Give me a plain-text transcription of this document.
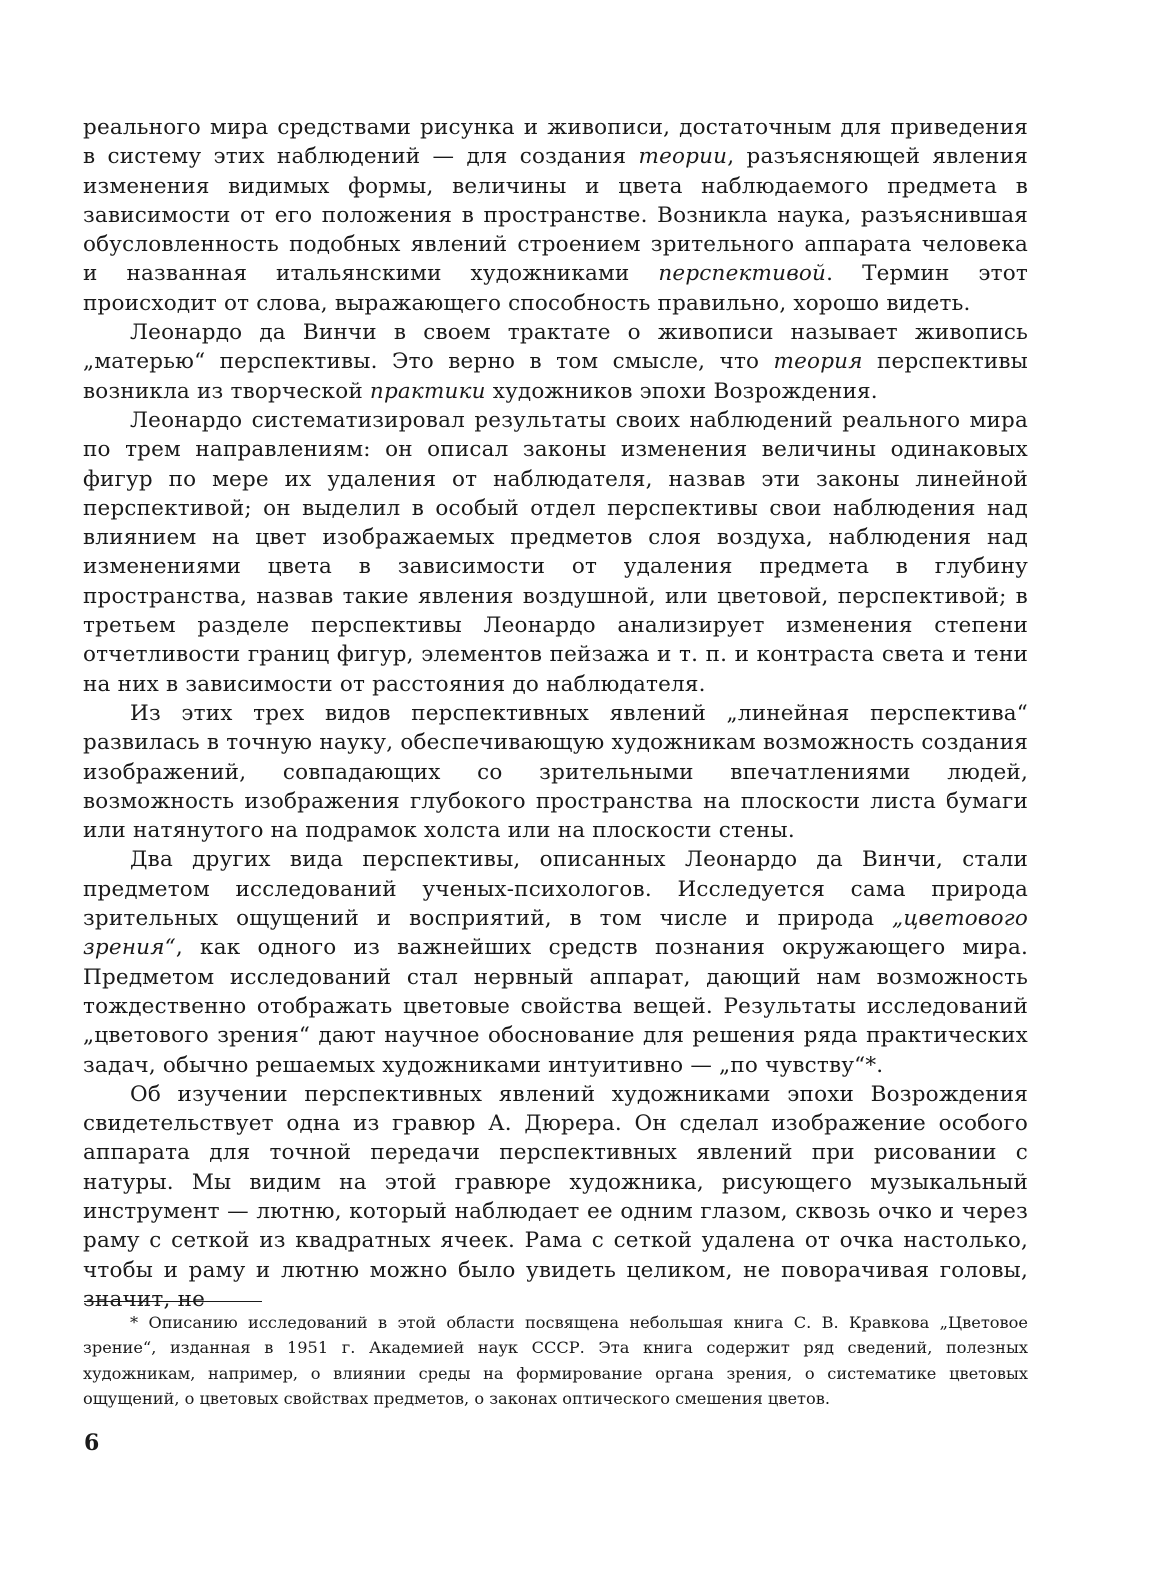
реального мира средствами рисунка и живописи, достаточным для приведения в систему этих наблюдений — для создания теории, разъясняющей явления изменения видимых формы, величины и цвета наблюдаемого предмета в зависимости от его положения в пространстве. Возникла наука, разъяснившая обусловленность подобных явлений строением зрительного аппарата человека и названная итальянскими художниками перспективой. Термин этот происходит от слова, выражающего способность правильно, хорошо видеть.

Леонардо да Винчи в своем трактате о живописи называет живопись „матерью“ перспективы. Это верно в том смысле, что теория перспективы возникла из творческой практики художников эпохи Возрождения.

Леонардо систематизировал результаты своих наблюдений реального мира по трем направлениям: он описал законы изменения величины одинаковых фигур по мере их удаления от наблюдателя, назвав эти законы линейной перспективой; он выделил в особый отдел перспективы свои наблюдения над влиянием на цвет изображаемых предметов слоя воздуха, наблюдения над изменениями цвета в зависимости от удаления предмета в глубину пространства, назвав такие явления воздушной, или цветовой, перспективой; в третьем разделе перспективы Леонардо анализирует изменения степени отчетливости границ фигур, элементов пейзажа и т. п. и контраста света и тени на них в зависимости от расстояния до наблюдателя.

Из этих трех видов перспективных явлений „линейная перспектива“ развилась в точную науку, обеспечивающую художникам возможность создания изображений, совпадающих со зрительными впечатлениями людей, возможность изображения глубокого пространства на плоскости листа бумаги или натянутого на подрамок холста или на плоскости стены.

Два других вида перспективы, описанных Леонардо да Винчи, стали предметом исследований ученых-психологов. Исследуется сама природа зрительных ощущений и восприятий, в том числе и природа „цветового зрения“, как одного из важнейших средств познания окружающего мира. Предметом исследований стал нервный аппарат, дающий нам возможность тождественно отображать цветовые свойства вещей. Результаты исследований „цветового зрения“ дают научное обоснование для решения ряда практических задач, обычно решаемых художниками интуитивно — „по чувству“*.

Об изучении перспективных явлений художниками эпохи Возрождения свидетельствует одна из гравюр А. Дюрера. Он сделал изображение особого аппарата для точной передачи перспективных явлений при рисовании с натуры. Мы видим на этой гравюре художника, рисующего музыкальный инструмент — лютню, который наблюдает ее одним глазом, сквозь очко и через раму с сеткой из квадратных ячеек. Рама с сеткой удалена от очка настолько, чтобы и раму и лютню можно было увидеть целиком, не поворачивая головы, значит, не

* Описанию исследований в этой области посвящена небольшая книга С. В. Кравкова „Цветовое зрение“, изданная в 1951 г. Академией наук СССР. Эта книга содержит ряд сведений, полезных художникам, например, о влиянии среды на формирование органа зрения, о систематике цветовых ощущений, о цветовых свойствах предметов, о законах оптического смешения цветов.

6
